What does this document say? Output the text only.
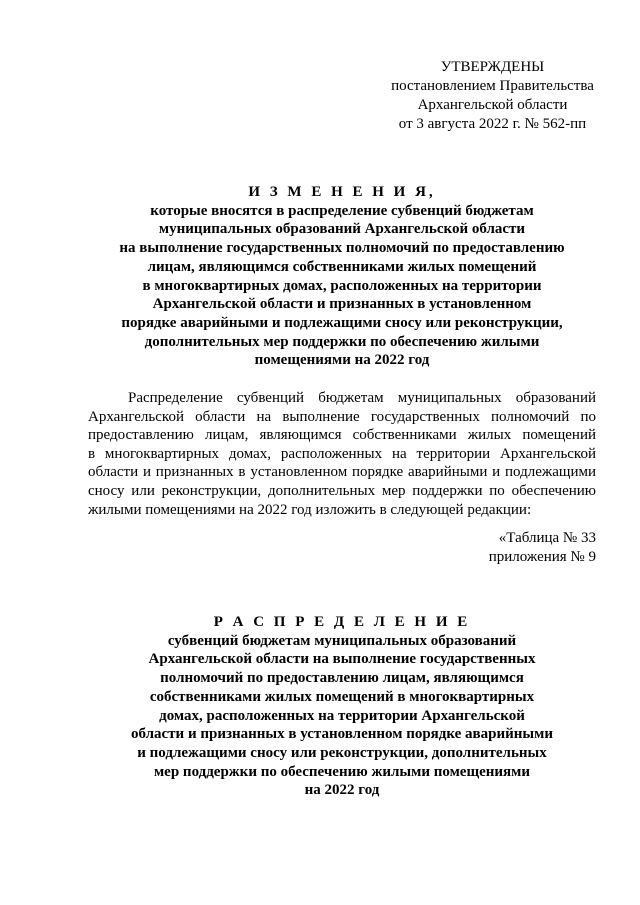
УТВЕРЖДЕНЫ
постановлением Правительства
Архангельской области
от 3 августа 2022 г. № 562-пп
И З М Е Н Е Н И Я,
которые вносятся в распределение субвенций бюджетам
муниципальных образований Архангельской области
на выполнение государственных полномочий по предоставлению
лицам, являющимся собственниками жилых помещений
в многоквартирных домах, расположенных на территории
Архангельской области и признанных в установленном
порядке аварийными и подлежащими сносу или реконструкции,
дополнительных мер поддержки по обеспечению жилыми
помещениями на 2022 год
Распределение субвенций бюджетам муниципальных образований
Архангельской области на выполнение государственных полномочий по
предоставлению лицам, являющимся собственниками жилых помещений
в многоквартирных домах, расположенных на территории Архангельской
области и признанных в установленном порядке аварийными и подлежащими
сносу или реконструкции, дополнительных мер поддержки по обеспечению
жилыми помещениями на 2022 год изложить в следующей редакции:
«Таблица № 33
приложения № 9
Р А С П Р Е Д Е Л Е Н И Е
субвенций бюджетам муниципальных образований
Архангельской области на выполнение государственных
полномочий по предоставлению лицам, являющимся
собственниками жилых помещений в многоквартирных
домах, расположенных на территории Архангельской
области и признанных в установленном порядке аварийными
и подлежащими сносу или реконструкции, дополнительных
мер поддержки по обеспечению жилыми помещениями
на 2022 год
